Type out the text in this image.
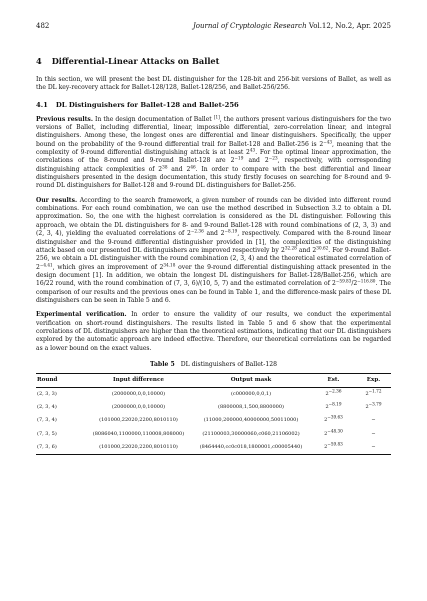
482	Journal of Cryptologic Research Vol.12, No.2, Apr. 2025
4 Differential-Linear Attacks on Ballet

In this section, we will present the best DL distinguisher for the 128-bit and 256-bit versions of Ballet, as well as the DL key-recovery attack for Ballet-128/128, Ballet-128/256, and Ballet-256/256.

4.1 DL Distinguishers for Ballet-128 and Ballet-256

Previous results. In the design documentation of Ballet [1], the authors present various distinguishers for the two versions of Ballet, including differential, linear, impossible differential, zero-correlation linear, and integral distinguishers. Among these, the longest ones are differential and linear distinguishers. Specifically, the upper bound on the probability of the 9-round differential trail for Ballet-128 and Ballet-256 is $2^{-43}$, meaning that the complexity of 9-round differential distinguishing attack is at least $2^{43}$. For the optimal linear approximation, the correlations of the 8-round and 9-round Ballet-128 are $2^{-19}$ and $2^{-23}$, respectively, with corresponding distinguishing attack complexities of $2^{38}$ and $2^{46}$. In order to compare with the best differential and linear distinguishers presented in the design documentation, this study firstly focuses on searching for 8-round and 9-round DL distinguishers for Ballet-128 and 9-round DL distinguishers for Ballet-256.

Our results. According to the search framework, a given number of rounds can be divided into different round combinations. For each round combination, we can use the method described in Subsection 3.2 to obtain a DL approximation. So, the one with the highest correlation is considered as the DL distinguisher. Following this approach, we obtain the DL distinguishers for 8- and 9-round Ballet-128 with round combinations of (2, 3, 3) and (2, 3, 4), yielding the evaluated correlations of $2^{-2.36}$ and $2^{-8.19}$, respectively. Compared with the 8-round linear distinguisher and the 9-round differential distinguisher provided in [1], the complexities of the distinguishing attack based on our presented DL distinguishers are improved respectively by $2^{32.28}$ and $2^{30.62}$. For 9-round Ballet-256, we obtain a DL distinguisher with the round combination (2, 3, 4) and the theoretical estimated correlation of $2^{-4.41}$, which gives an improvement of $2^{34.18}$ over the 9-round differential distinguishing attack presented in the design document [1]. In addition, we obtain the longest DL distinguishers for Ballet-128/Ballet-256, which are 16/22 round, with the round combination of (7, 3, 6)/(10, 5, 7) and the estimated correlation of $2^{-59.83}/2^{-116.80}$. The comparison of our results and the previous ones can be found in Table 1, and the difference-mask pairs of these DL distinguishers can be seen in Table 5 and 6.

Experimental verification. In order to ensure the validity of our results, we conduct the experimental verification on short-round distinguishers. The results listed in Table 5 and 6 show that the experimental correlations of DL distinguishers are higher than the theoretical estimations, indicating that our DL distinguishers explored by the automatic approach are indeed effective. Therefore, our theoretical correlations can be regarded as a lower bound on the exact values.

Table 5 DL distinguishers of Ballet-128
Round	Input difference	Output mask	Est.	Exp.
(2, 3, 3)	(2000000,0,0,10000)	(c000000,0,0,1)	$2^{-2.36}$	$2^{-1.72}$
(2, 3, 4)	(2000000,0,0,10000)	(8800008,1,500,8800000)	$2^{-8.19}$	$2^{-3.79}$
(7, 3, 4)	(101000,22020,2200,8010110)	(11000,200000,40000000,50011000)	$2^{-39.63}$	−
(7, 3, 5)	(8086040,1100000,110008,808000)	(21100003,30000060,c060,21106002)	$2^{-48.30}$	−
(7, 3, 6)	(101000,22020,2200,8010110)	(8464440,cc0c018,1800001,c00005440)	$2^{-59.83}$	−
